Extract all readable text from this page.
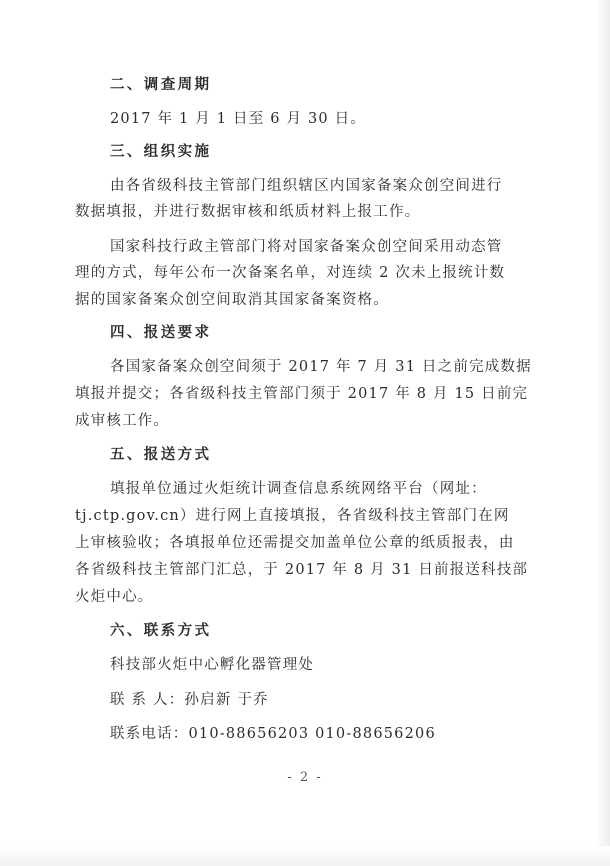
二、调查周期
2017 年 1 月 1 日至 6 月 30 日。
三、组织实施
由各省级科技主管部门组织辖区内国家备案众创空间进行
数据填报，并进行数据审核和纸质材料上报工作。
国家科技行政主管部门将对国家备案众创空间采用动态管
理的方式，每年公布一次备案名单，对连续 2 次未上报统计数
据的国家备案众创空间取消其国家备案资格。
四、报送要求
各国家备案众创空间须于 2017 年 7 月 31 日之前完成数据
填报并提交；各省级科技主管部门须于 2017 年 8 月 15 日前完
成审核工作。
五、报送方式
填报单位通过火炬统计调查信息系统网络平台（网址：
tj.ctp.gov.cn）进行网上直接填报，各省级科技主管部门在网
上审核验收；各填报单位还需提交加盖单位公章的纸质报表，由
各省级科技主管部门汇总，于 2017 年 8 月 31 日前报送科技部
火炬中心。
六、联系方式
科技部火炬中心孵化器管理处
联 系 人：孙启新 于乔
联系电话：010-88656203 010-88656206
- 2 -
